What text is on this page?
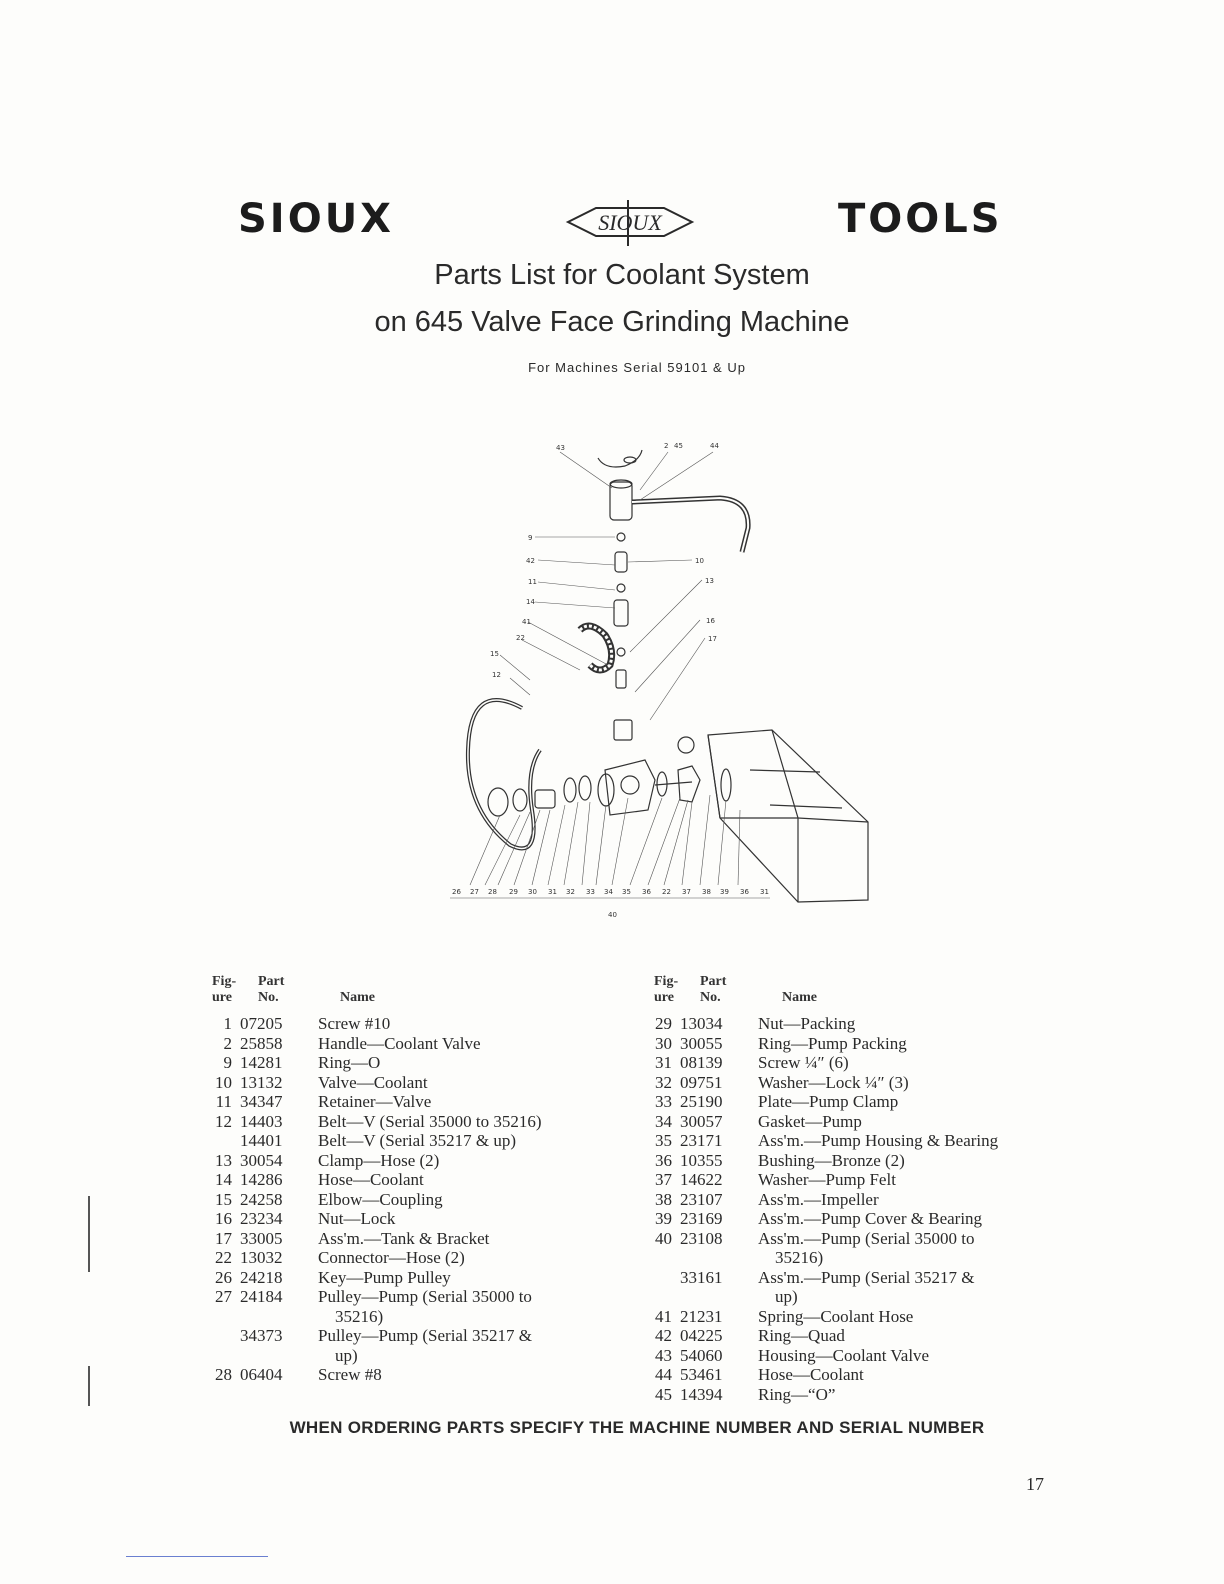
SIOUX	SIOUX	TOOLS
Parts List for Coolant System
on 645 Valve Face Grinding Machine
For Machines Serial 59101 & Up
43	2 45	44
9
42	10
11	13
14
41	16
17
22
15
12
26 27 28 29 30 31 32 33 34 35 36 22 37 38 39 36 31
40
Fig-
ure
Part
No.	Name
Fig-
ure
Part
No.	Name
1 07205	Screw #10
2 25858	Handle—Coolant Valve
9 14281	Ring—O
10 13132	Valve—Coolant
11 34347	Retainer—Valve
12 14403	Belt—V (Serial 35000 to 35216)
14401	Belt—V (Serial 35217 & up)
13 30054	Clamp—Hose (2)
14 14286	Hose—Coolant
15 24258	Elbow—Coupling
16 23234	Nut—Lock
17 33005	Ass'm.—Tank & Bracket
22 13032	Connector—Hose (2)
26 24218	Key—Pump Pulley
27 24184	Pulley—Pump (Serial 35000 to
35216)
34373	Pulley—Pump (Serial 35217 &
up)
28 06404	Screw #8
29 13034	Nut—Packing
30 30055	Ring—Pump Packing
31 08139	Screw ¼″ (6)
32 09751	Washer—Lock ¼″ (3)
33 25190	Plate—Pump Clamp
34 30057	Gasket—Pump
35 23171	Ass'm.—Pump Housing & Bearing
36 10355	Bushing—Bronze (2)
37 14622	Washer—Pump Felt
38 23107	Ass'm.—Impeller
39 23169	Ass'm.—Pump Cover & Bearing
40 23108	Ass'm.—Pump (Serial 35000 to
35216)
33161	Ass'm.—Pump (Serial 35217 &
up)
41 21231	Spring—Coolant Hose
42 04225	Ring—Quad
43 54060	Housing—Coolant Valve
44 53461	Hose—Coolant
45 14394	Ring—“O”
WHEN ORDERING PARTS SPECIFY THE MACHINE NUMBER AND SERIAL NUMBER
17
